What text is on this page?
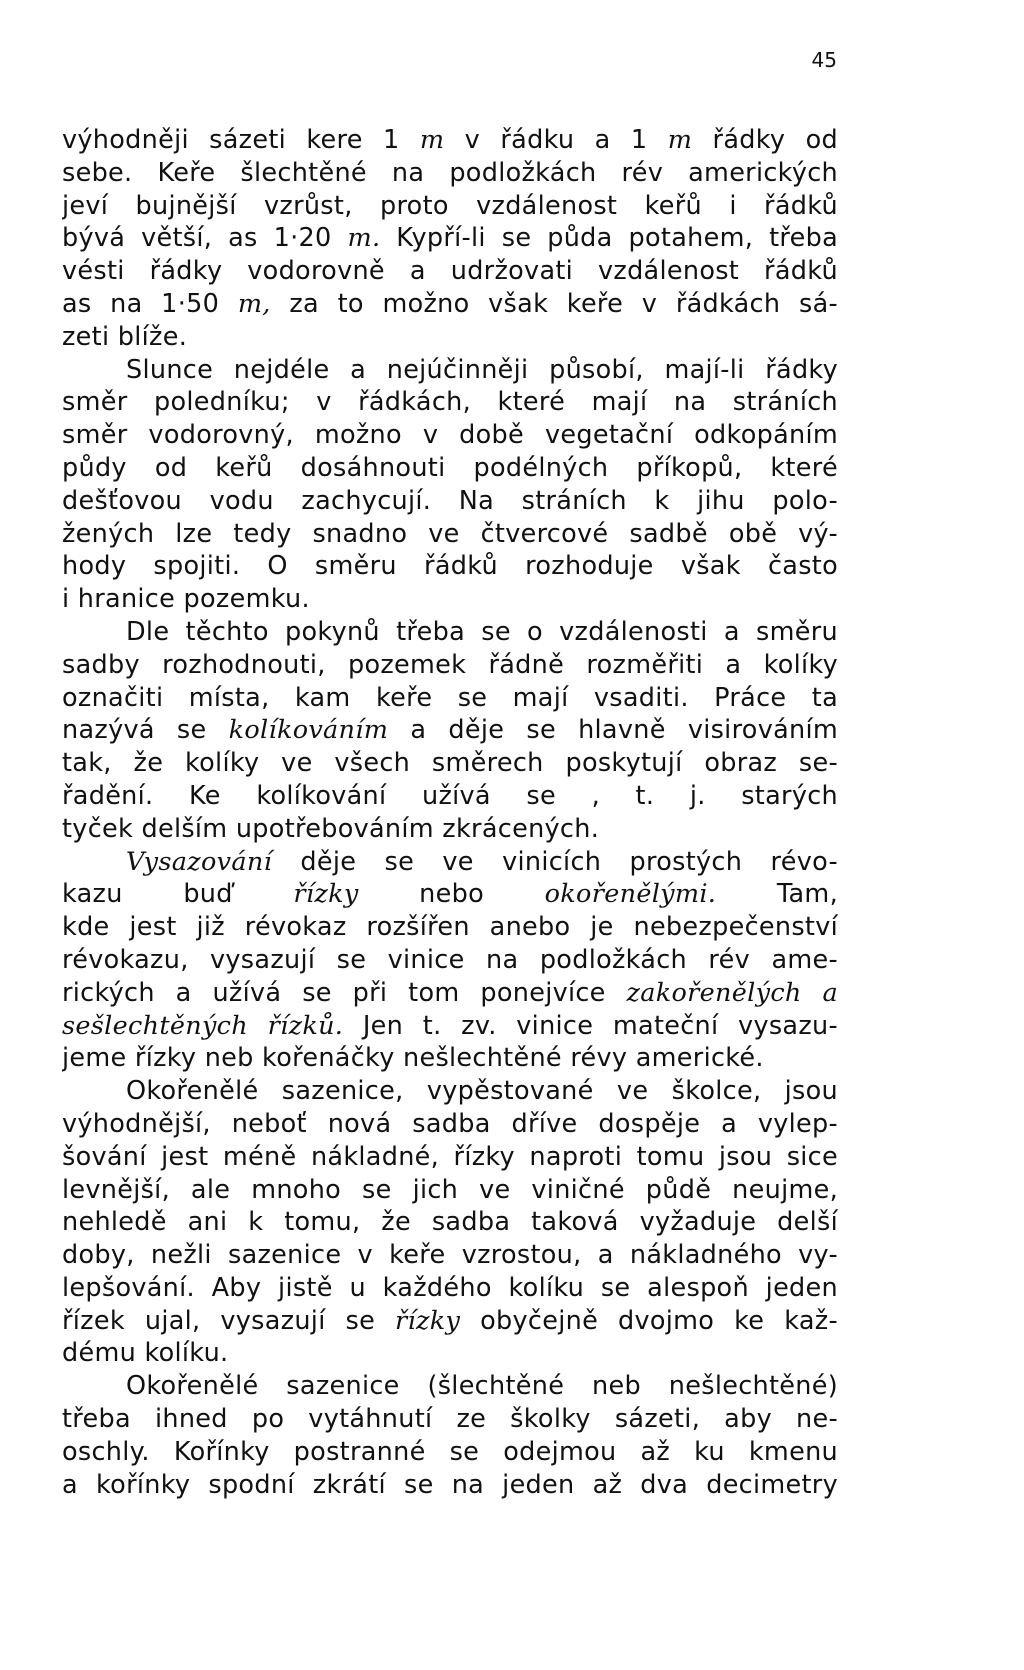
45

výhodněji sázeti kere 1 m v řádku a 1 m řádky od

sebe. Keře šlechtěné na podložkách rév amerických

jeví bujnější vzrůst, proto vzdálenost keřů i řádků

bývá větší, as 1·20 m. Kypří-li se půda potahem, třeba

vésti řádky vodorovně a udržovati vzdálenost řádků

as na 1·50 m, za to možno však keře v řádkách sá-

zeti blíže.

Slunce nejdéle a nejúčinněji působí, mají-li řádky

směr poledníku; v řádkách, které mají na stráních

směr vodorovný, možno v době vegetační odkopáním

půdy od keřů dosáhnouti podélných příkopů, které

dešťovou vodu zachycují. Na stráních k jihu polo-

žených lze tedy snadno ve čtvercové sadbě obě vý-

hody spojiti. O směru řádků rozhoduje však často

i hranice pozemku.

Dle těchto pokynů třeba se o vzdálenosti a směru

sadby rozhodnouti, pozemek řádně rozměřiti a kolíky

označiti místa, kam keře se mají vsaditi. Práce ta

nazývá se kolíkováním a děje se hlavně visirováním

tak, že kolíky ve všech směrech poskytují obraz se-

řadění. Ke kolíkování užívá se , t. j. starých

tyček delším upotřebováním zkrácených.

Vysazování děje se ve vinicích prostých révo-

kazu buď řízky nebo okořenělými. Tam,

kde jest již révokaz rozšířen anebo je nebezpečenství

révokazu, vysazují se vinice na podložkách rév ame-

rických a užívá se při tom ponejvíce zakořenělých a

sešlechtěných řízků. Jen t. zv. vinice mateční vysazu-

jeme řízky neb kořenáčky nešlechtěné révy americké.

Okořenělé sazenice, vypěstované ve školce, jsou

výhodnější, neboť nová sadba dříve dospěje a vylep-

šování jest méně nákladné, řízky naproti tomu jsou sice

levnější, ale mnoho se jich ve viničné půdě neujme,

nehledě ani k tomu, že sadba taková vyžaduje delší

doby, nežli sazenice v keře vzrostou, a nákladného vy-

lepšování. Aby jistě u každého kolíku se alespoň jeden

řízek ujal, vysazují se řízky obyčejně dvojmo ke kaž-

dému kolíku.

Okořenělé sazenice (šlechtěné neb nešlechtěné)

třeba ihned po vytáhnutí ze školky sázeti, aby ne-

oschly. Kořínky postranné se odejmou až ku kmenu

a kořínky spodní zkrátí se na jeden až dva decimetry
